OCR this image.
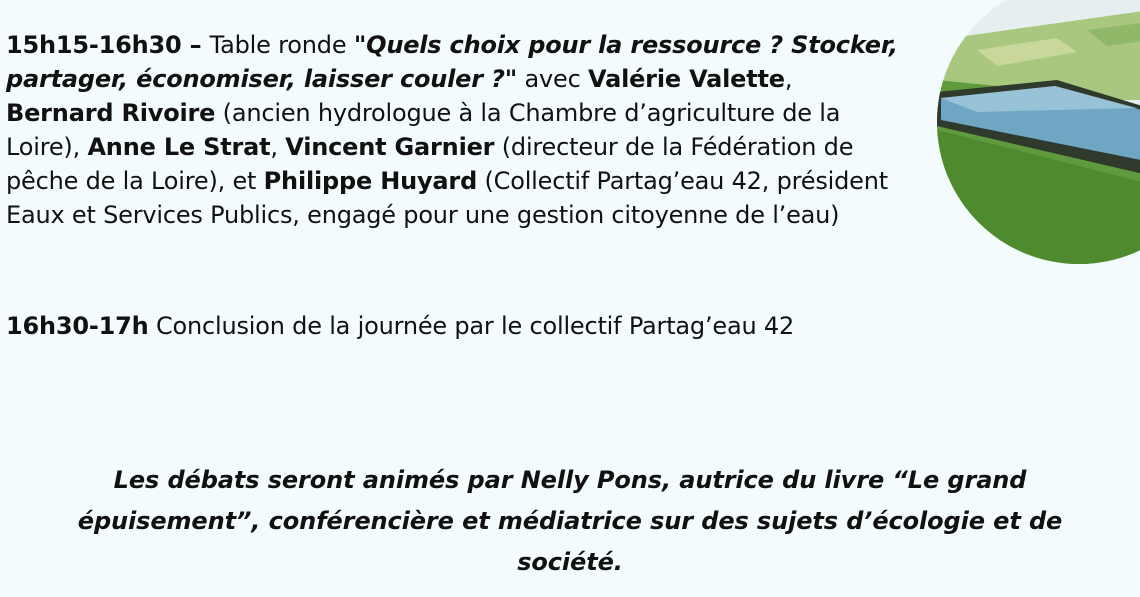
15h15-16h30 – Table ronde "Quels choix pour la ressource ? Stocker, partager, économiser, laisser couler ?" avec Valérie Valette, Bernard Rivoire (ancien hydrologue à la Chambre d’agriculture de la Loire), Anne Le Strat, Vincent Garnier (directeur de la Fédération de pêche de la Loire), et Philippe Huyard (Collectif Partag’eau 42, président Eaux et Services Publics, engagé pour une gestion citoyenne de l’eau)
16h30-17h Conclusion de la journée par le collectif Partag’eau 42
Les débats seront animés par Nelly Pons, autrice du livre “Le grand épuisement”, conférencière et médiatrice sur des sujets d’écologie et de société.
